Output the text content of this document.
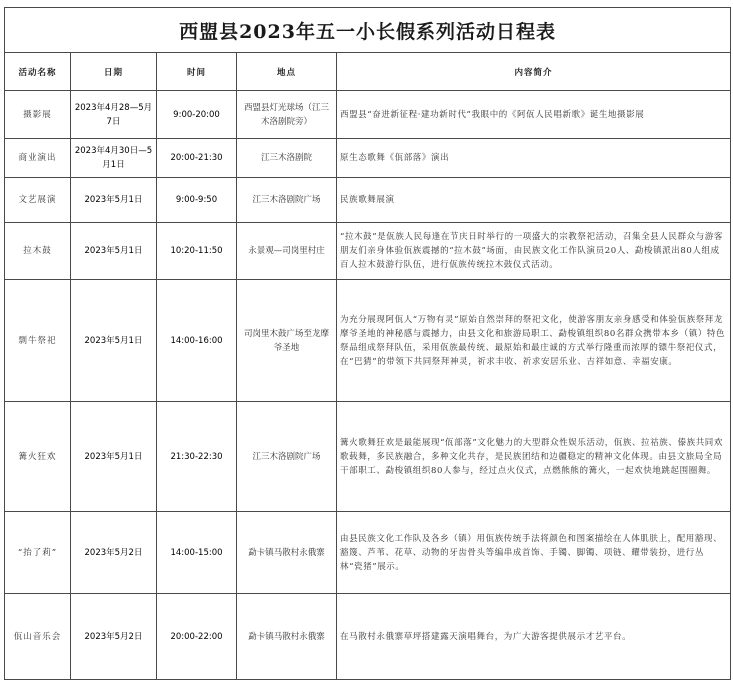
西盟县2023年五一小长假系列活动日程表				
活动名称	日期	时间	地点	内容简介
摄影展	2023年4月28—5月7日	9:00-20:00	西盟县灯光球场（江三木洛剧院旁）	西盟县“奋进新征程·建功新时代”我眼中的《阿佤人民唱新歌》诞生地摄影展
商业演出	2023年4月30日—5月1日	20:00-21:30	江三木洛剧院	原生态歌舞《佤部落》演出
文艺展演	2023年5月1日	9:00-9:50	江三木洛剧院广场	民族歌舞展演
拉木鼓	2023年5月1日	10:20-11:50	永景观—司岗里村庄	“拉木鼓”是佤族人民每逢在节庆日时举行的一项盛大的宗教祭祀活动，召集全县人民群众与游客朋友们亲身体验佤族震撼的“拉木鼓”场面，由民族文化工作队演员20人、勐梭镇派出80人组成百人拉木鼓游行队伍，进行佤族传统拉木鼓仪式活动。
剽牛祭祀	2023年5月1日	14:00-16:00	司岗里木鼓广场至龙摩爷圣地	为充分展现阿佤人“万物有灵”原始自然崇拜的祭祀文化，使游客朋友亲身感受和体验佤族祭拜龙摩爷圣地的神秘感与震撼力，由县文化和旅游局职工、勐梭镇组织80名群众携带本乡（镇）特色祭品组成祭拜队伍，采用佤族最传统、最原始和最庄诚的方式举行隆重而浓厚的镖牛祭祀仪式，在“巴猜”的带领下共同祭拜神灵，祈求丰收、祈求安居乐业、吉祥如意、幸福安康。
篝火狂欢	2023年5月1日	21:30-22:30	江三木洛剧院广场	篝火歌舞狂欢是最能展现“佤部落”文化魅力的大型群众性娱乐活动，佤族、拉祜族、傣族共同欢歌载舞，多民族融合，多种文化共存，是民族团结和边疆稳定的精神文化体现。由县文旅局全局干部职工、勐梭镇组织80人参与，经过点火仪式，点燃熊熊的篝火，一起欢快地跳起围圈舞。
“抬了莉”	2023年5月2日	14:00-15:00	勐卡镇马散村永俄寨	由县民族文化工作队及各乡（镇）用佤族传统手法将颜色和图案描绘在人体肌肤上，配用豁现、豁篾、芦苇、花草、动物的牙齿骨头等编串成首饰、手镯、脚镯、项链、耀带装扮，进行丛林“瓷猪”展示。
佤山音乐会	2023年5月2日	20:00-22:00	勐卡镇马散村永俄寨	在马散村永俄寨草坪搭建露天演唱舞台，为广大游客提供展示才艺平台。
